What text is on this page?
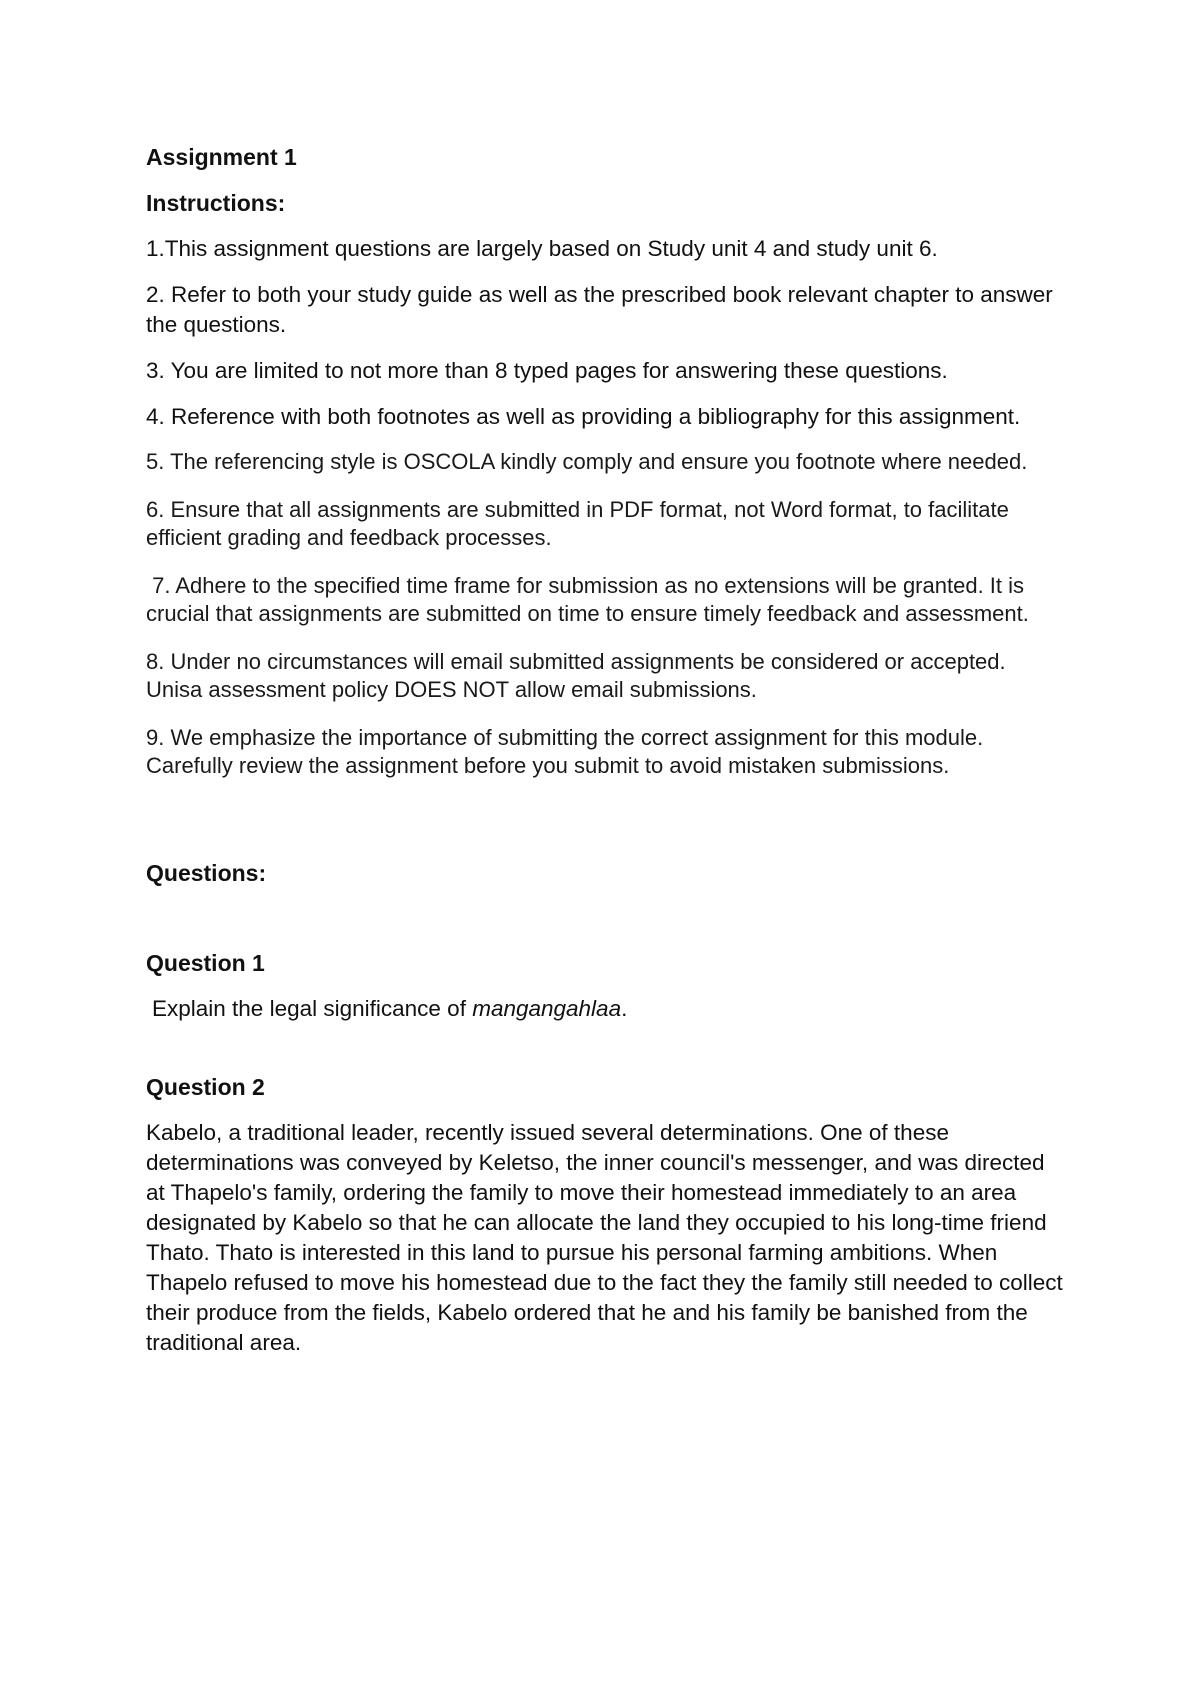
Assignment 1

Instructions:

1.This assignment questions are largely based on Study unit 4 and study unit 6.

2. Refer to both your study guide as well as the prescribed book relevant chapter to answer the questions.

3. You are limited to not more than 8 typed pages for answering these questions.

4. Reference with both footnotes as well as providing a bibliography for this assignment.

5. The referencing style is OSCOLA kindly comply and ensure you footnote where needed.

6. Ensure that all assignments are submitted in PDF format, not Word format, to facilitate efficient grading and feedback processes.

7. Adhere to the specified time frame for submission as no extensions will be granted. It is crucial that assignments are submitted on time to ensure timely feedback and assessment.

8. Under no circumstances will email submitted assignments be considered or accepted. Unisa assessment policy DOES NOT allow email submissions.

9. We emphasize the importance of submitting the correct assignment for this module. Carefully review the assignment before you submit to avoid mistaken submissions.

Questions:

Question 1

Explain the legal significance of mangangahlaa.

Question 2

Kabelo, a traditional leader, recently issued several determinations. One of these determinations was conveyed by Keletso, the inner council's messenger, and was directed at Thapelo's family, ordering the family to move their homestead immediately to an area designated by Kabelo so that he can allocate the land they occupied to his long-time friend Thato. Thato is interested in this land to pursue his personal farming ambitions. When Thapelo refused to move his homestead due to the fact they the family still needed to collect their produce from the fields, Kabelo ordered that he and his family be banished from the traditional area.
